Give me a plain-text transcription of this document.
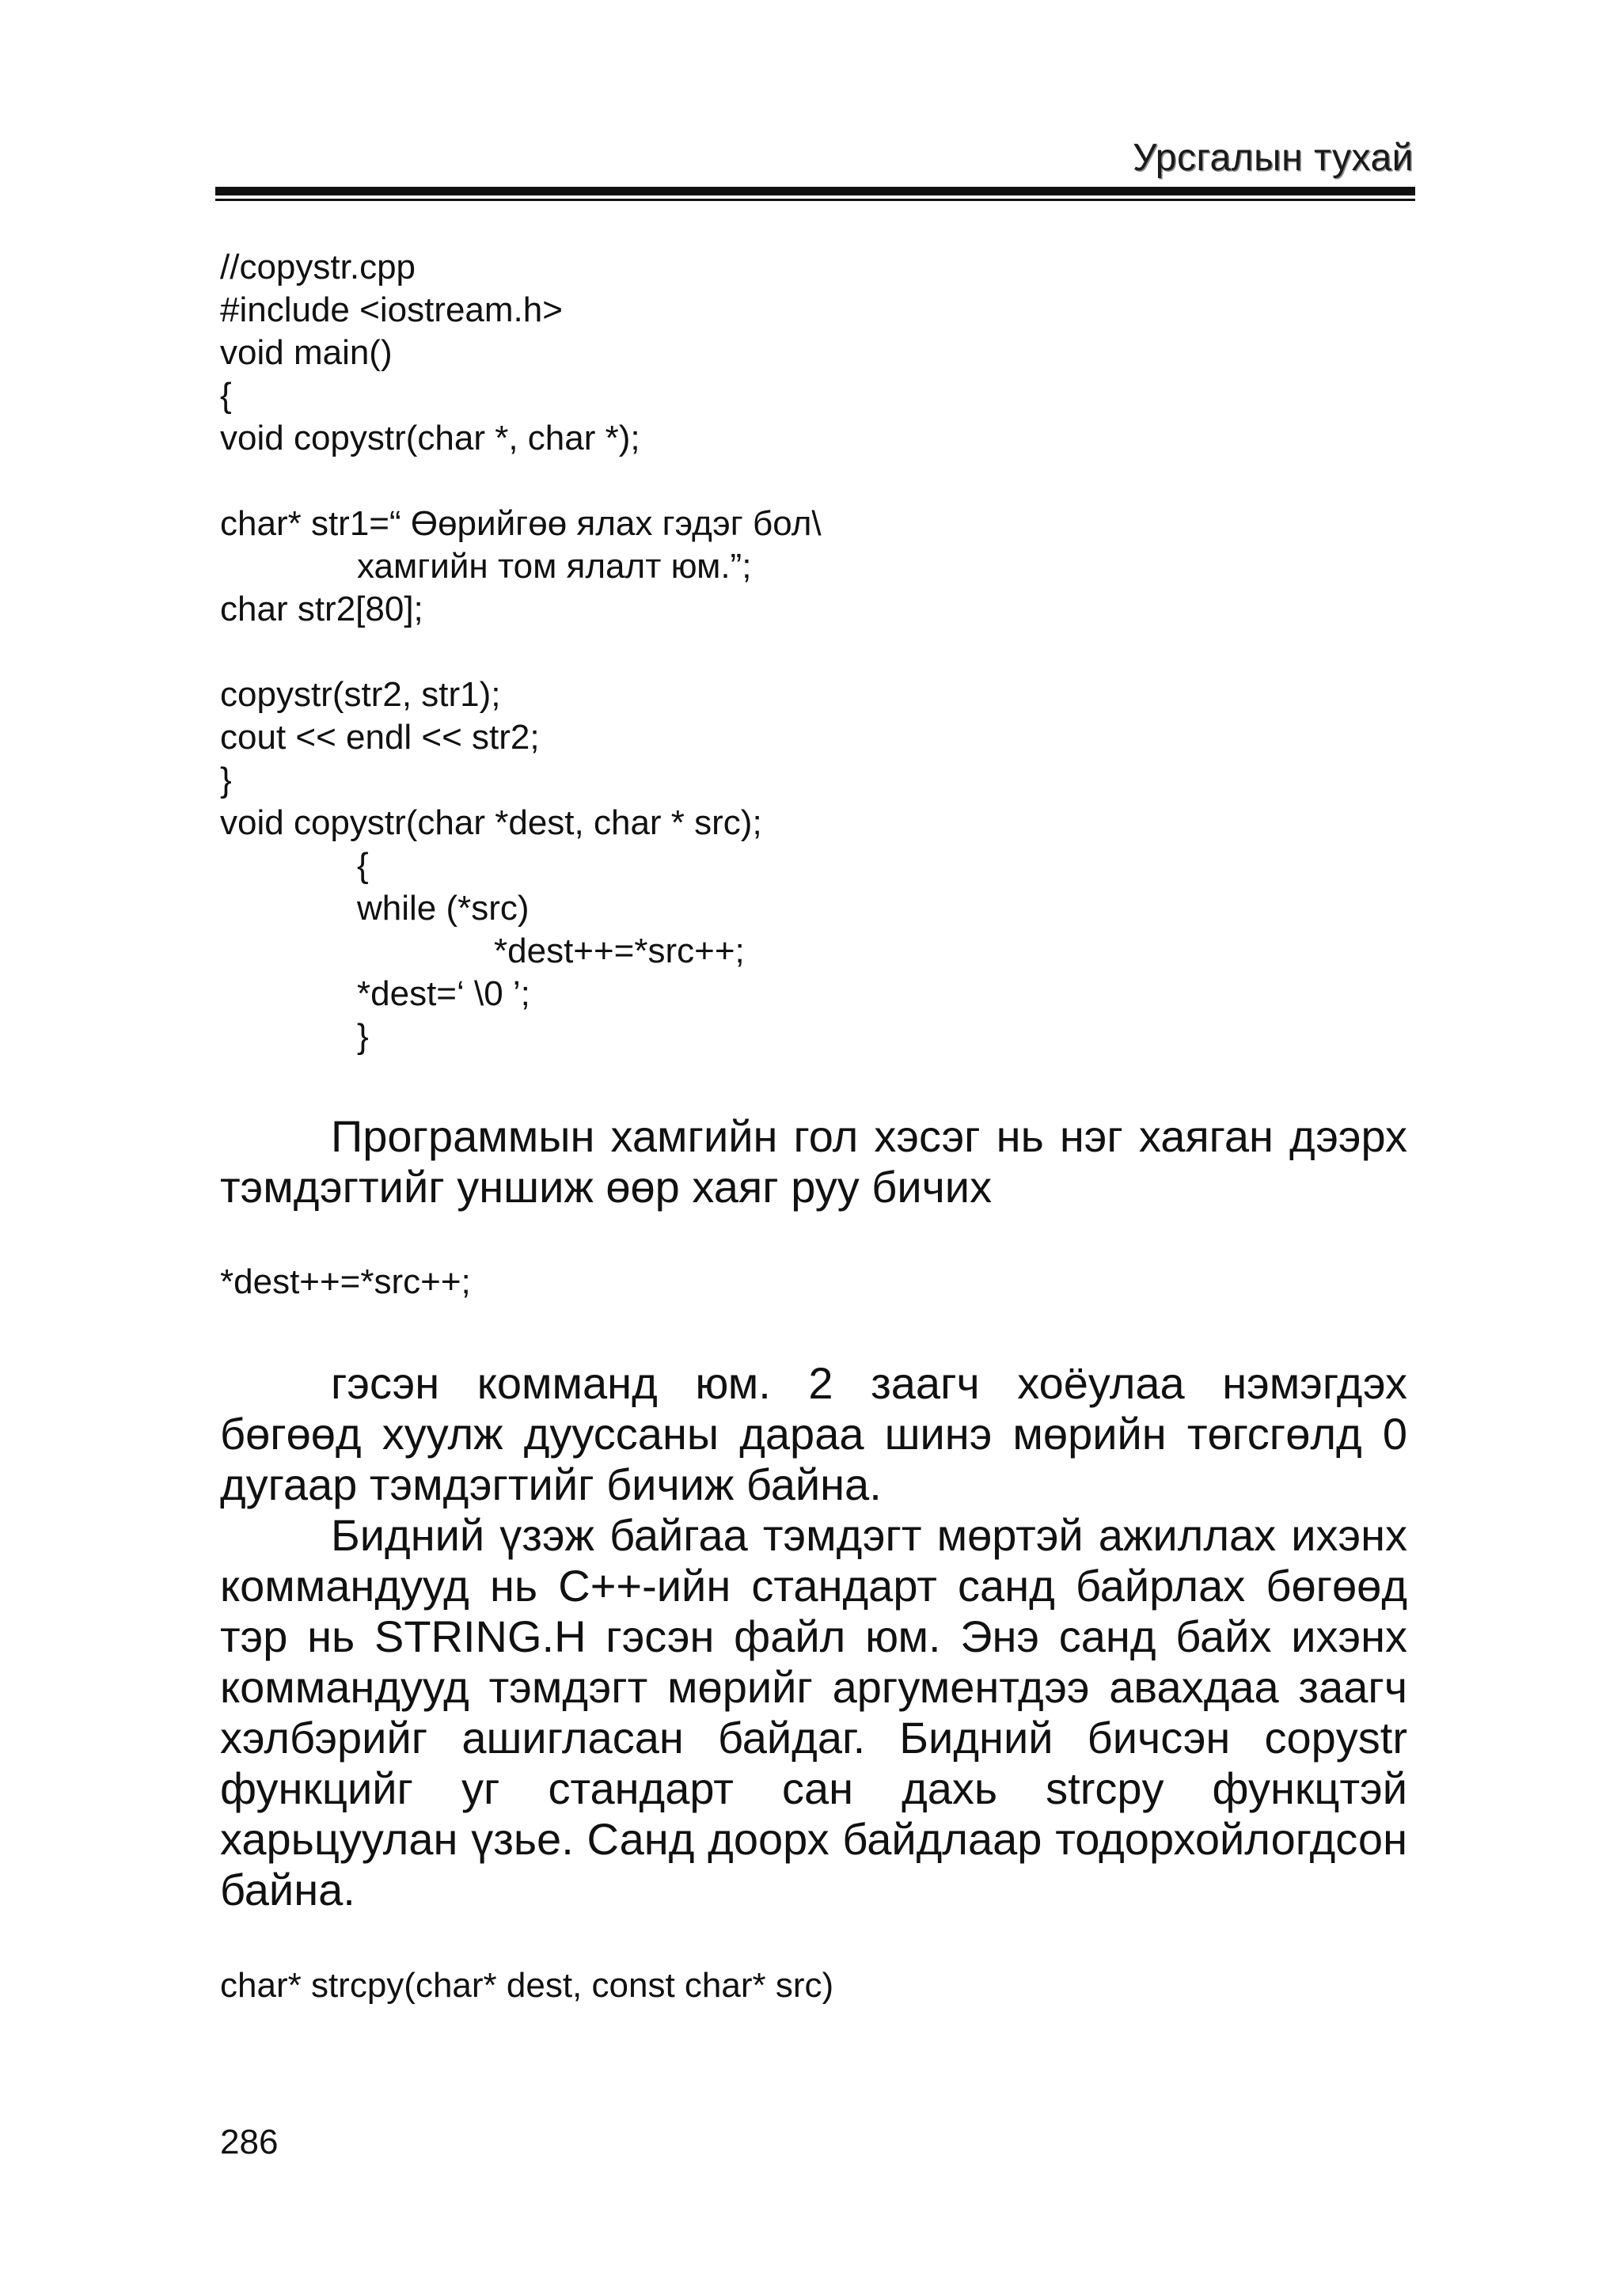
Урсгалын тухай
//copystr.cpp
#include <iostream.h>
void main()
{
void copystr(char *, char *);
char* str1=“ Өөрийгөө ялах гэдэг бол\
хамгийн том ялалт юм.”;
char str2[80];
copystr(str2, str1);
cout << endl << str2;
}
void copystr(char *dest, char * src);
{
while (*src)
*dest++=*src++;
*dest=‘ \0 ’;
}

Программын хамгийн гол хэсэг нь нэг хаяган дээрх тэмдэгтийг уншиж өөр хаяг руу бичих

*dest++=*src++;

гэсэн комманд юм. 2 заагч хоёулаа нэмэгдэх бөгөөд хуулж дууссаны дараа шинэ мөрийн төгсгөлд 0 дугаар тэмдэгтийг бичиж байна.
Бидний үзэж байгаа тэмдэгт мөртэй ажиллах ихэнх коммандууд нь С++-ийн стандарт санд байрлах бөгөөд тэр нь STRING.H гэсэн файл юм. Энэ санд байх ихэнх коммандууд тэмдэгт мөрийг аргументдээ авахдаа заагч хэлбэрийг ашигласан байдаг. Бидний бичсэн copystr функцийг уг стандарт сан дахь strcpy функцтэй харьцуулан үзье. Санд доорх байдлаар тодорхойлогдсон байна.

char* strcpy(char* dest, const char* src)
286
